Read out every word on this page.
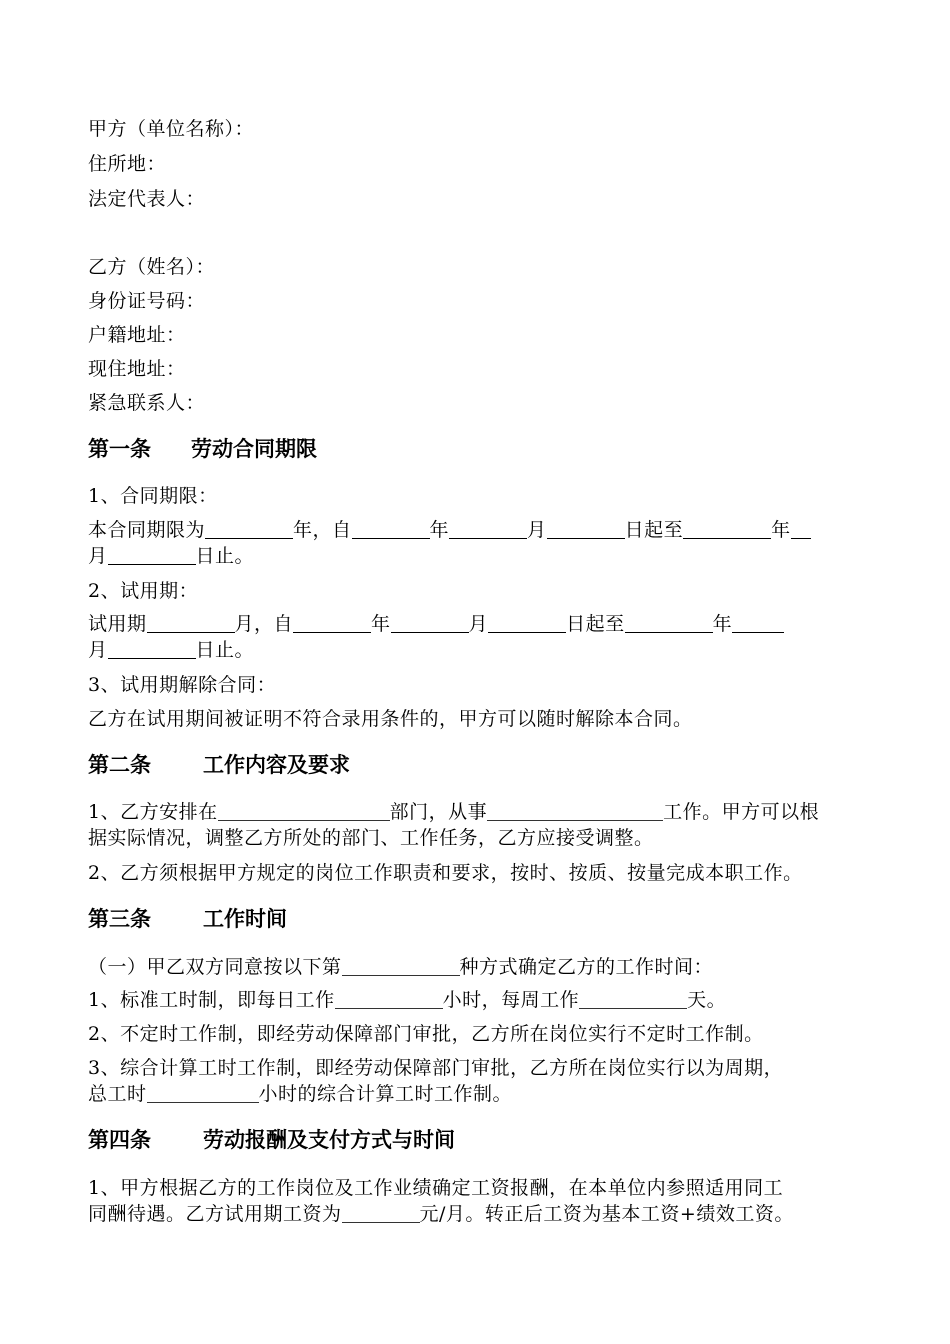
甲方（单位名称）：
住所地：
法定代表人：
乙方（姓名）：
身份证号码：
户籍地址：
现住地址：
紧急联系人：
第一条 劳动合同期限
1、合同期限：
本合同期限为	年，自	年	月	日起至	年
月	日止。
2、试用期：
试用期	月，自	年	月	日起至	年
月	日止。
3、试用期解除合同：
乙方在试用期间被证明不符合录用条件的，甲方可以随时解除本合同。
第二条 工作内容及要求
1、乙方安排在	部门，从事	工作。甲方可以根
据实际情况，调整乙方所处的部门、工作任务，乙方应接受调整。
2、乙方须根据甲方规定的岗位工作职责和要求，按时、按质、按量完成本职工作。
第三条 工作时间
（一）甲乙双方同意按以下第	种方式确定乙方的工作时间：
1、标准工时制，即每日工作	小时，每周工作	天。
2、不定时工作制，即经劳动保障部门审批，乙方所在岗位实行不定时工作制。
3、综合计算工时工作制，即经劳动保障部门审批，乙方所在岗位实行以为周期，
总工时	小时的综合计算工时工作制。
第四条 劳动报酬及支付方式与时间
1、甲方根据乙方的工作岗位及工作业绩确定工资报酬，在本单位内参照适用同工
同酬待遇。乙方试用期工资为	元/月。转正后工资为基本工资+绩效工资。
